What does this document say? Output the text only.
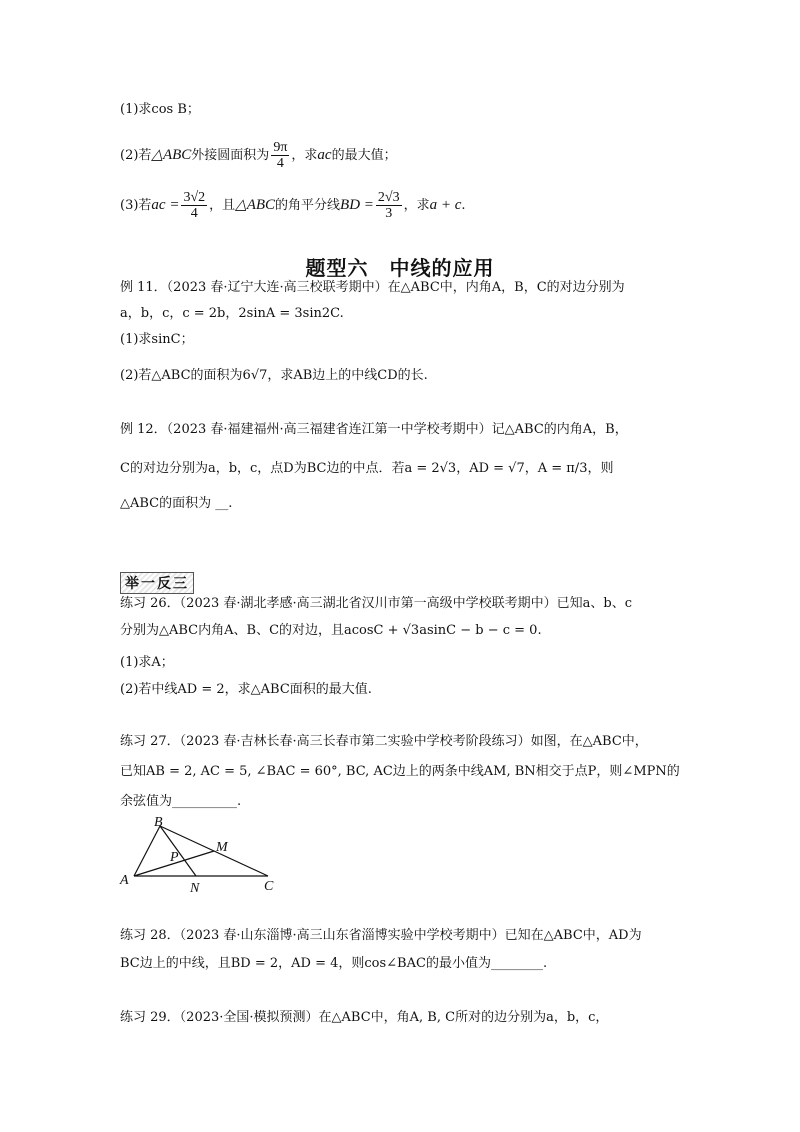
(1)求cos B；
(2)若△ABC外接圆面积为 $\frac{9\pi}{4}$ ，求ac的最大值；
(3)若ac = $\frac{3√2}{4}$ ，且△ABC的角平分线BD = $\frac{2√3}{3}$ ，求a + c.
题型六　中线的应用
例 11．（2023 春·辽宁大连·高三校联考期中）在△ABC中，内角A，B，C的对边分别为
a，b，c，c = 2b，2sinA = 3sin2C.
(1)求sinC；
(2)若△ABC的面积为6√7，求AB边上的中线CD的长.
例 12．（2023 春·福建福州·高三福建省连江第一中学校考期中）记△ABC的内角A，B，
C的对边分别为a，b，c，点D为BC边的中点．若a = 2√3，AD = √7，A = π/3，则
△ABC的面积为 __.
举一反三
练习 26．（2023 春·湖北孝感·高三湖北省汉川市第一高级中学校联考期中）已知a、b、c
分别为△ABC内角A、B、C的对边，且acosC + √3asinC − b − c = 0.
(1)求A；
(2)若中线AD = 2，求△ABC面积的最大值.
练习 27．（2023 春·吉林长春·高三长春市第二实验中学校考阶段练习）如图，在△ABC中，
已知AB = 2, AC = 5, ∠BAC = 60°, BC, AC边上的两条中线AM, BN相交于点P，则∠MPN的
余弦值为__________.
B
M
P
A
N	C
练习 28．（2023 春·山东淄博·高三山东省淄博实验中学校考期中）已知在△ABC中，AD为
BC边上的中线，且BD = 2，AD = 4，则cos∠BAC的最小值为________.
练习 29．（2023·全国·模拟预测）在△ABC中，角A, B, C所对的边分别为a，b，c，
